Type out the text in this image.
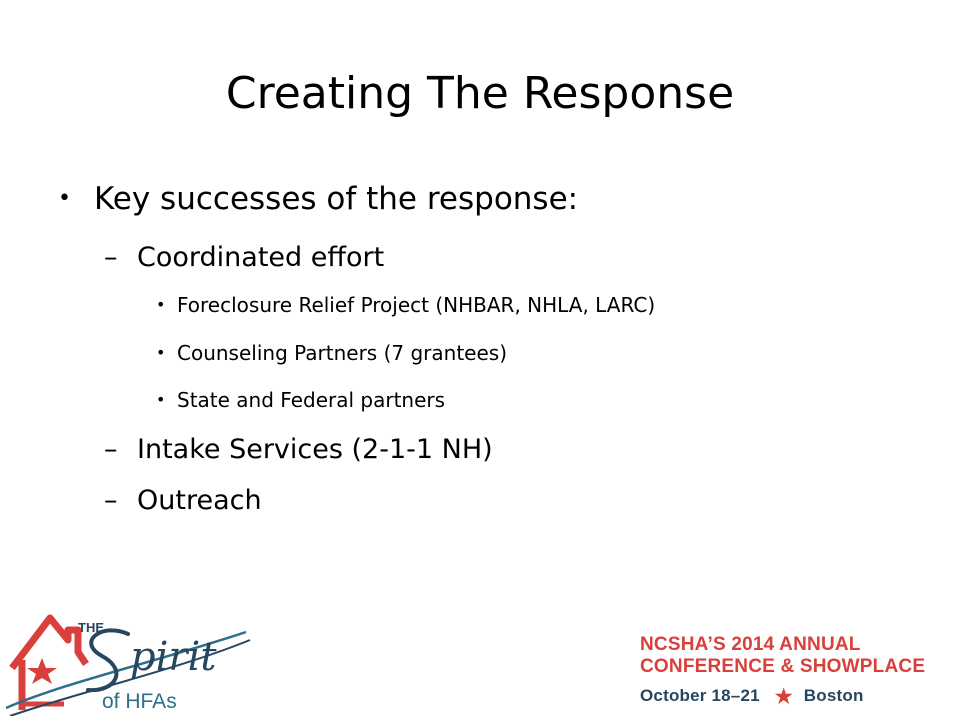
Creating The Response
• Key successes of the response:
– Coordinated effort
• Foreclosure Relief Project (NHBAR, NHLA, LARC)
• Counseling Partners (7 grantees)
• State and Federal partners
– Intake Services (2-1-1 NH)
– Outreach
THE
pirit
of HFAs
NCSHA’S 2014 ANNUAL
CONFERENCE & SHOWPLACE
October 18–21 ★ Boston
